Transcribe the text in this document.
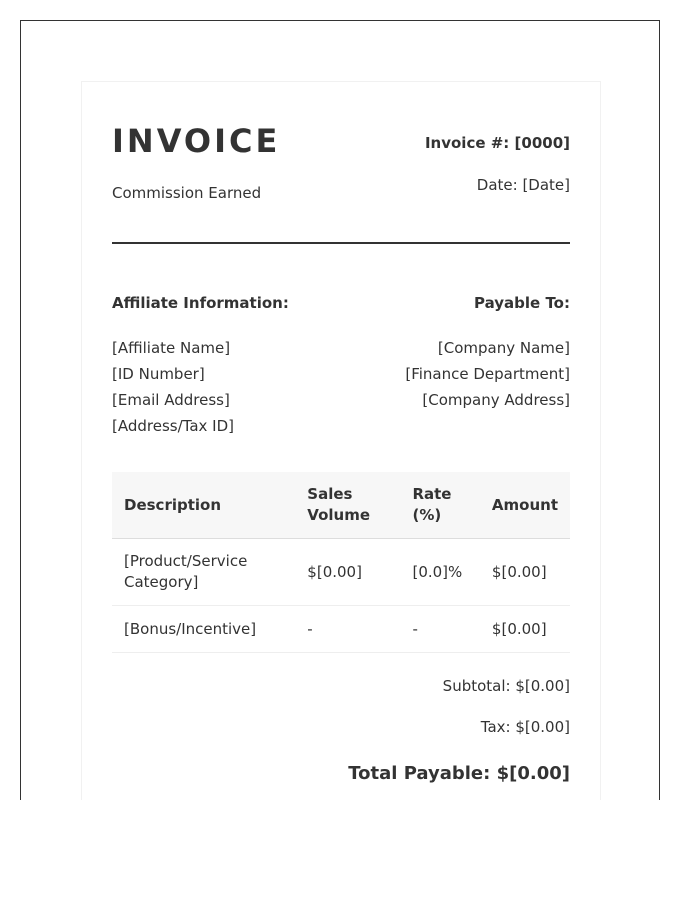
INVOICE
Commission Earned
Invoice #: [0000]
Date: [Date]
Affiliate Information:
[Affiliate Name]
[ID Number]
[Email Address]
[Address/Tax ID]
Payable To:
[Company Name]
[Finance Department]
[Company Address]
Description	Sales Volume	Rate (%)	Amount
[Product/Service Category]	$[0.00]	[0.0]%	$[0.00]
[Bonus/Incentive]	-	-	$[0.00]
Subtotal: $[0.00]
Tax: $[0.00]
Total Payable: $[0.00]
